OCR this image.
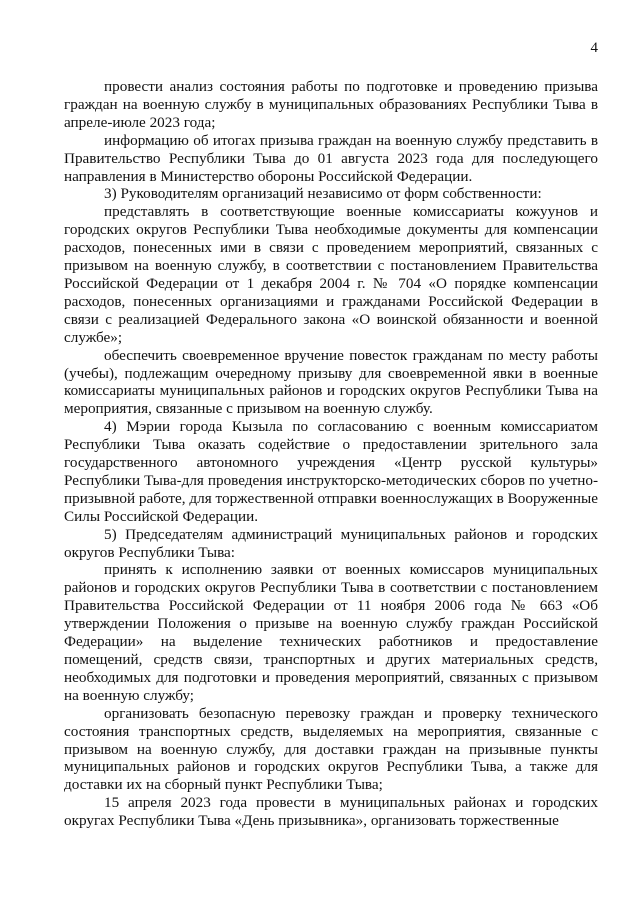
4

провести анализ состояния работы по подготовке и проведению призыва граждан на военную службу в муниципальных образованиях Республики Тыва в апреле-июле 2023 года;

информацию об итогах призыва граждан на военную службу представить в Правительство Республики Тыва до 01 августа 2023 года для последующего направления в Министерство обороны Российской Федерации.

3) Руководителям организаций независимо от форм собственности:

представлять в соответствующие военные комиссариаты кожуунов и городских округов Республики Тыва необходимые документы для компенсации расходов, понесенных ими в связи с проведением мероприятий, связанных с призывом на военную службу, в соответствии с постановлением Правительства Российской Федерации от 1 декабря 2004 г. № 704 «О порядке компенсации расходов, понесенных организациями и гражданами Российской Федерации в связи с реализацией Федерального закона «О воинской обязанности и военной службе»;

обеспечить своевременное вручение повесток гражданам по месту работы (учебы), подлежащим очередному призыву для своевременной явки в военные комиссариаты муниципальных районов и городских округов Республики Тыва на мероприятия, связанные с призывом на военную службу.

4) Мэрии города Кызыла по согласованию с военным комиссариатом Республики Тыва оказать содействие о предоставлении зрительного зала государственного автономного учреждения «Центр русской культуры» Республики Тыва-для проведения инструкторско-методических сборов по учетно-призывной работе, для торжественной отправки военнослужащих в Вооруженные Силы Российской Федерации.

5) Председателям администраций муниципальных районов и городских округов Республики Тыва:

принять к исполнению заявки от военных комиссаров муниципальных районов и городских округов Республики Тыва в соответствии с постановлением Правительства Российской Федерации от 11 ноября 2006 года № 663 «Об утверждении Положения о призыве на военную службу граждан Российской Федерации» на выделение технических работников и предоставление помещений, средств связи, транспортных и других материальных средств, необходимых для подготовки и проведения мероприятий, связанных с призывом на военную службу;

организовать безопасную перевозку граждан и проверку технического состояния транспортных средств, выделяемых на мероприятия, связанные с призывом на военную службу, для доставки граждан на призывные пункты муниципальных районов и городских округов Республики Тыва, а также для доставки их на сборный пункт Республики Тыва;

15 апреля 2023 года провести в муниципальных районах и городских округах Республики Тыва «День призывника», организовать торжественные
